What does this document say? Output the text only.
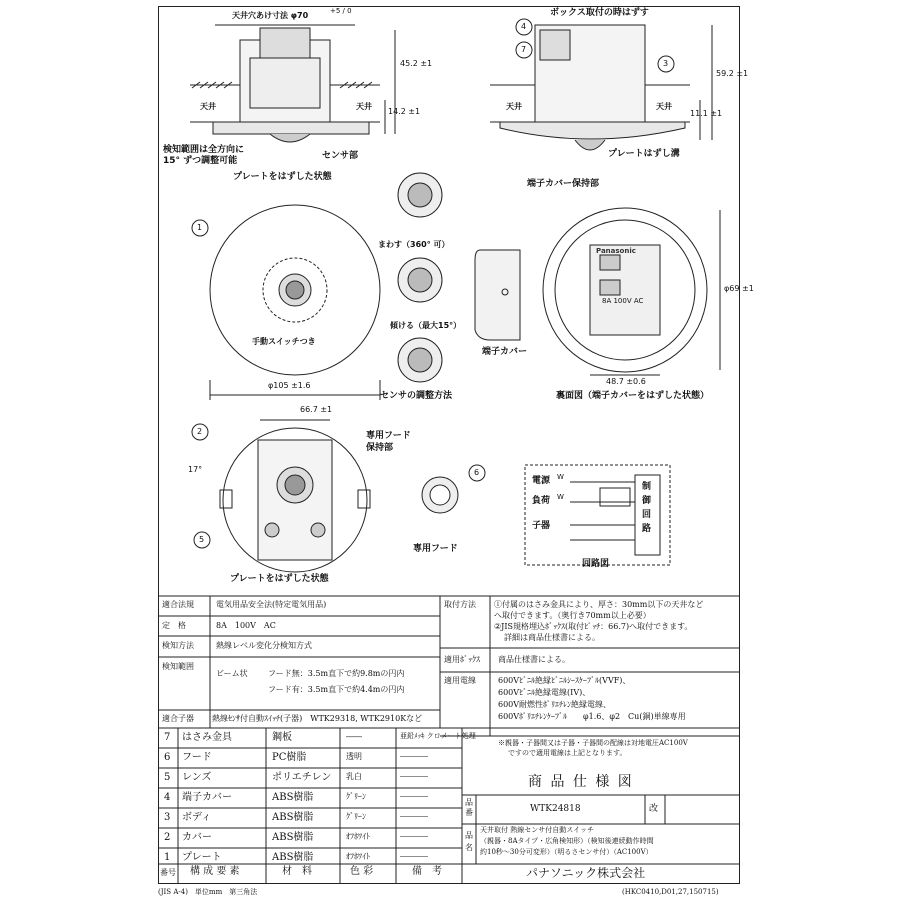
天井穴あけ寸法 φ70	+5 / 0
天井	天井
45.2 ±1
14.2 ±1
検知範囲は全方向に
15° ずつ調整可能	センサ部
プレートをはずした状態
ボックス取付の時はずす
天井	天井
59.2 ±1
11.1 ±1
プレートはずし溝
端子カバー保持部
まわす（360° 可）
傾ける（最大15°）
センサの調整方法
手動スイッチつき
φ105 ±1.6
端子カバー
φ69 ±1
48.7 ±0.6
裏面図（端子カバーをはずした状態）
Panasonic
8A 100V AC
66.7 ±1
17°
専用フード
保持部
プレートをはずした状態
専用フード
電源 W
負荷 W
子器
制御回路
回路図
1
2
3
4
5
6
7
適合法規	電気用品安全法(特定電気用品)
定　格	8A　100V　AC
検知方法	熱線レベル変化分検知方式
検知範囲
ビーム状	フード無：3.5m直下で約9.8mの円内
フード有：3.5m直下で約4.4mの円内
適合子器 熱線ｾﾝｻ付自動ｽｲｯﾁ(子器)　WTK29318, WTK2910Kなど
取付方法 ①付属のはさみ金具により、厚さ：30mm以下の天井など
へ取付できます。（奥行き70mm以上必要）
②JIS規格埋込ﾎﾞｯｸｽ(取付ﾋﾟｯﾁ：66.7)へ取付できます。
詳細は商品仕様書による。
適用ﾎﾞｯｸｽ 商品仕様書による。
適用電線	600Vﾋﾞﾆﾙ絶縁ﾋﾞﾆﾙｼｰｽｹｰﾌﾞﾙ(VVF)、
600Vﾋﾞﾆﾙ絶縁電線(IV)、
600V耐燃性ﾎﾟﾘｴﾁﾚﾝ絶縁電線、
600Vﾎﾟﾘｴﾁﾚﾝｹｰﾌﾞﾙ　　φ1.6、φ2　Cu(銅)単線専用
※親器・子器間又は子器・子器間の配線は対地電圧AC100V
ですので適用電線は上記となります。
7 はさみ金具	鋼板	――	亜鉛ﾒｯｷ クロメート処理
6 フード	PC樹脂	透明	――――
5 レンズ	ポリエチレン 乳白	――――
4 端子カバー	ABS樹脂	ｸﾞﾘｰﾝ	――――
3 ボディ	ABS樹脂	ｸﾞﾘｰﾝ	――――
2 カバー	ABS樹脂	ｵﾌﾎﾜｲﾄ	――――
1 プレート	ABS樹脂	ｵﾌﾎﾜｲﾄ	――――
番号 構 成 要 素	材　料	色 彩	備　考
商 品 仕 様 図
品番	WTK24818	改
品名
天井取付 熱線センサ付自動スイッチ
（親器・8Aタイプ・広角検知形）（検知後連続動作時間
約10秒～30分可変形）（明るさセンサ付）（AC100V）
パナソニック株式会社
(JIS A-4)　単位mm　第三角法	(HKC0410,D01,27,150715)
